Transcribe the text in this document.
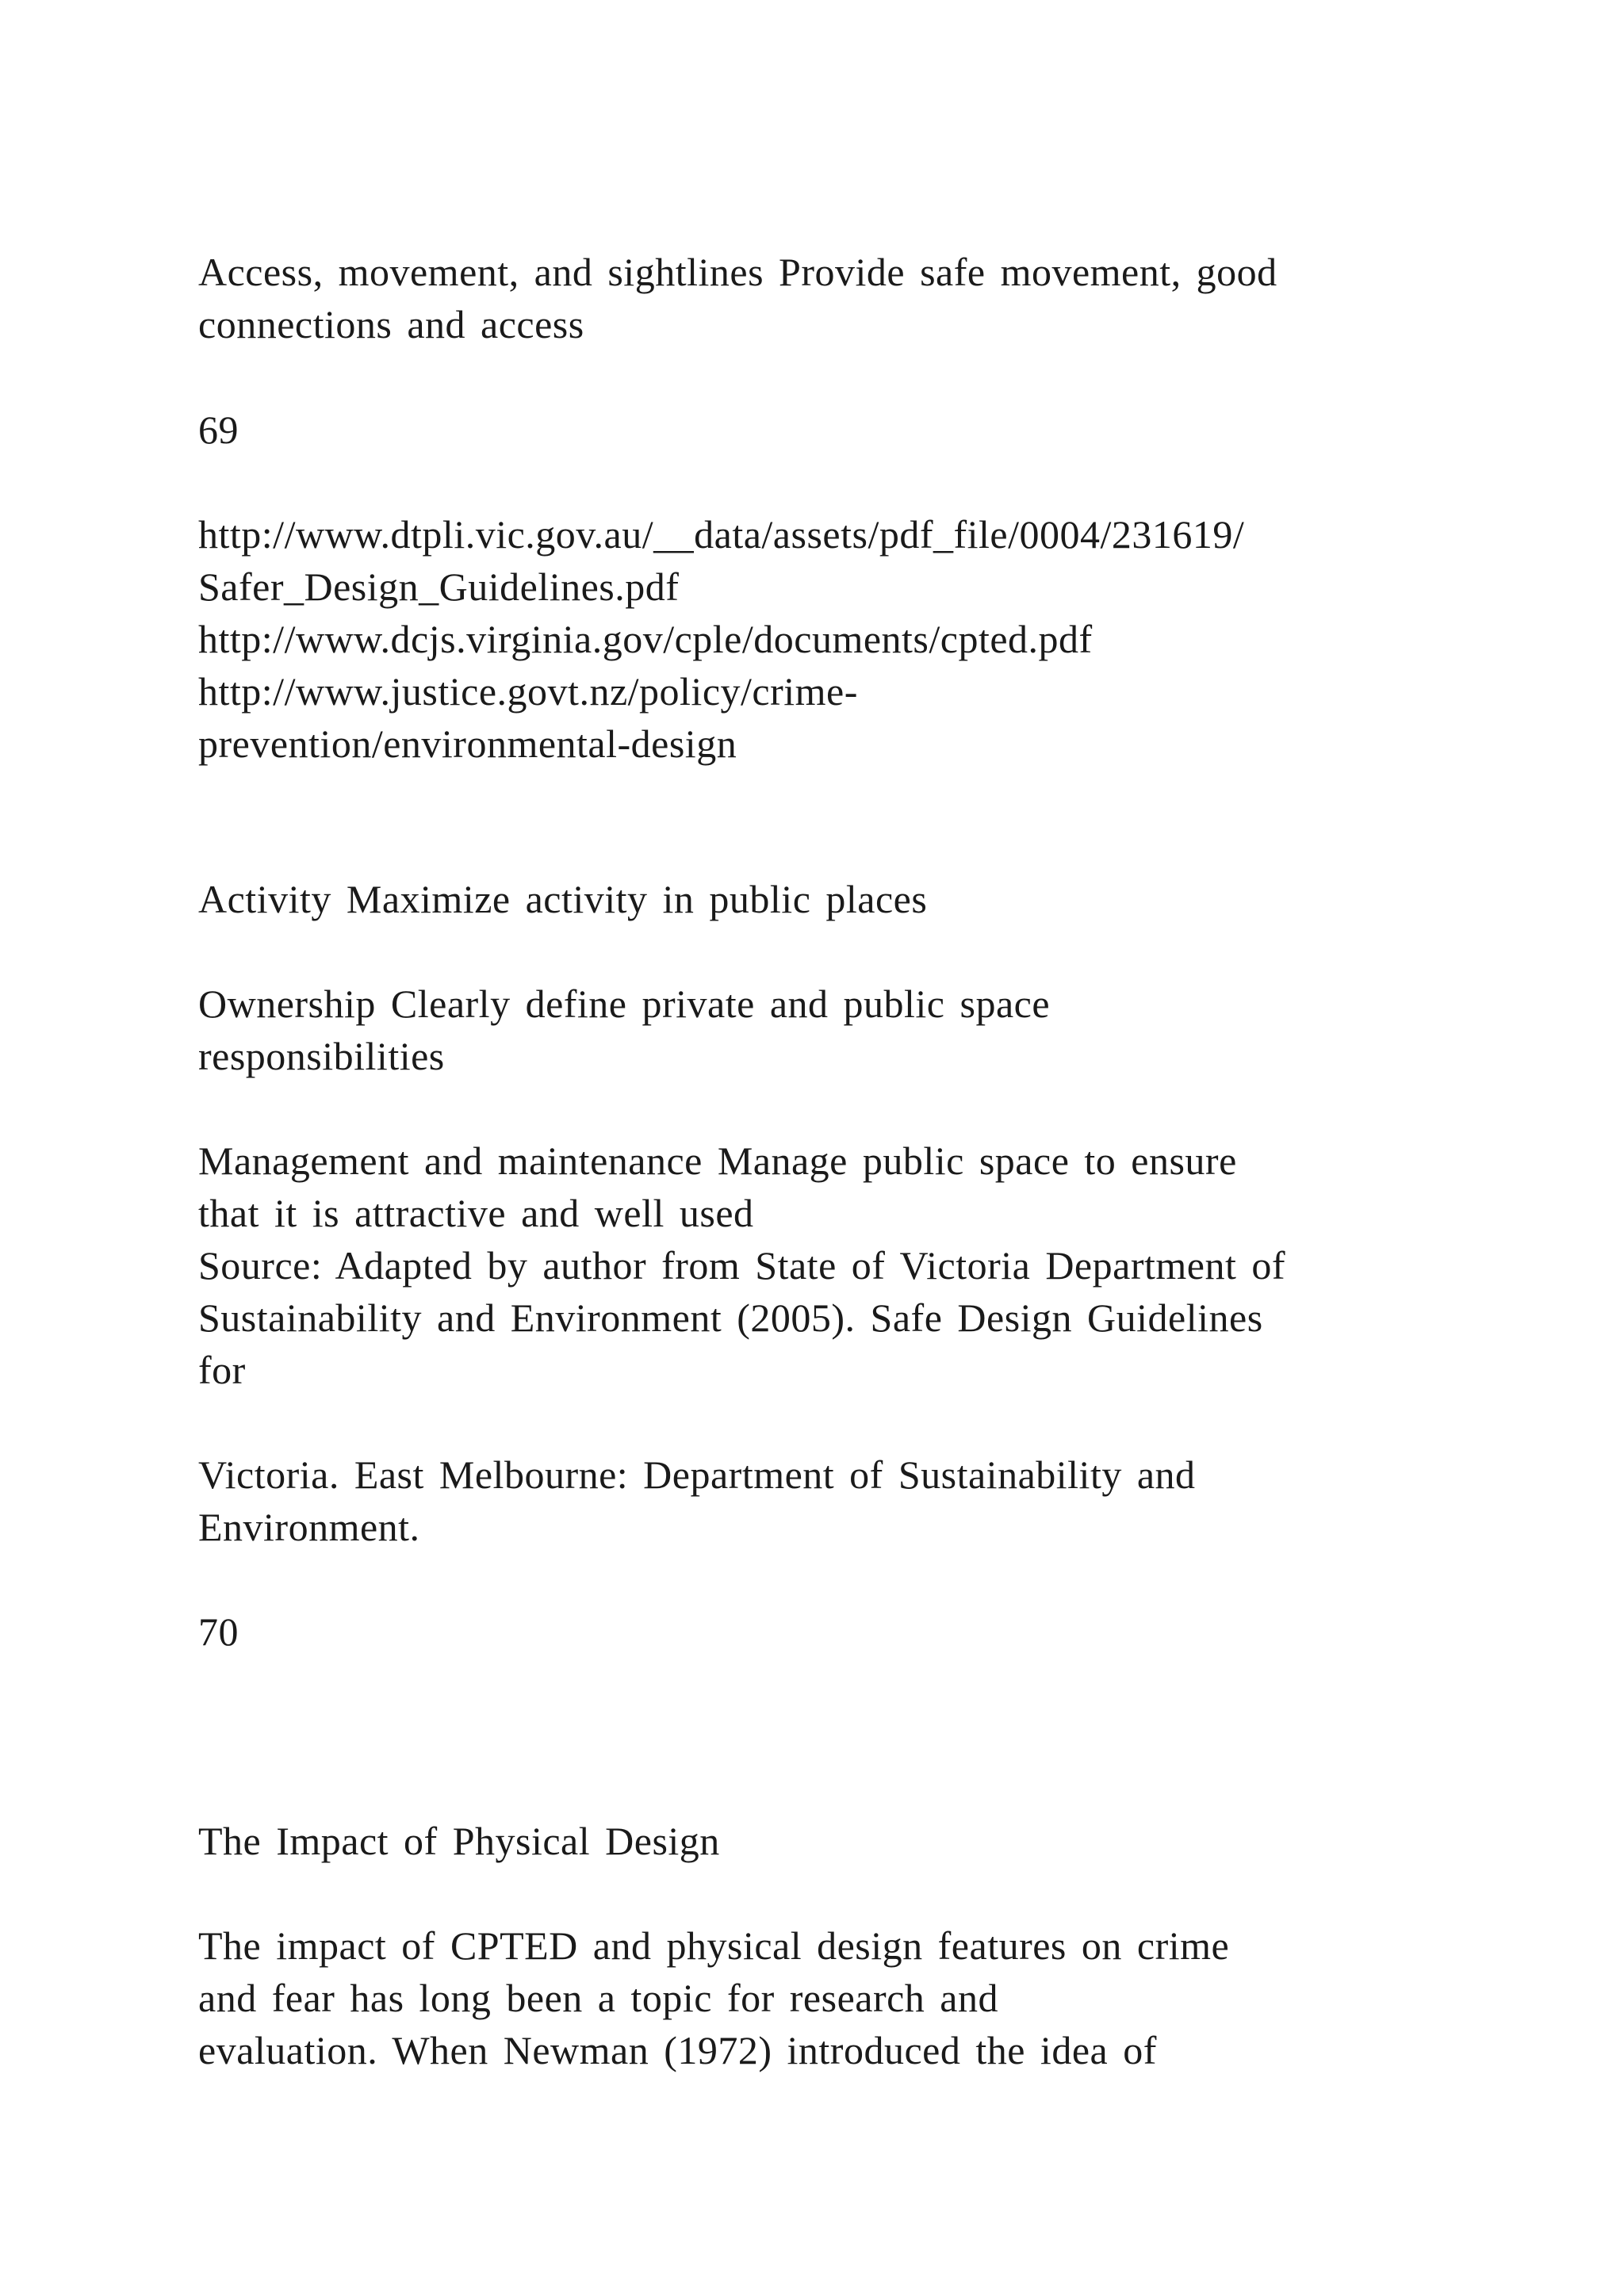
Access, movement, and sightlines Provide safe movement, good

connections and access

69

http://www.dtpli.vic.gov.au/__data/assets/pdf_file/0004/231619/

Safer_Design_Guidelines.pdf

http://www.dcjs.virginia.gov/cple/documents/cpted.pdf

http://www.justice.govt.nz/policy/crime-

prevention/environmental-design

Activity Maximize activity in public places

Ownership Clearly define private and public space

responsibilities

Management and maintenance Manage public space to ensure

that it is attractive and well used

Source: Adapted by author from State of Victoria Department of

Sustainability and Environment (2005). Safe Design Guidelines

for

Victoria. East Melbourne: Department of Sustainability and

Environment.

70

The Impact of Physical Design

The impact of CPTED and physical design features on crime

and fear has long been a topic for research and

evaluation. When Newman (1972) introduced the idea of
